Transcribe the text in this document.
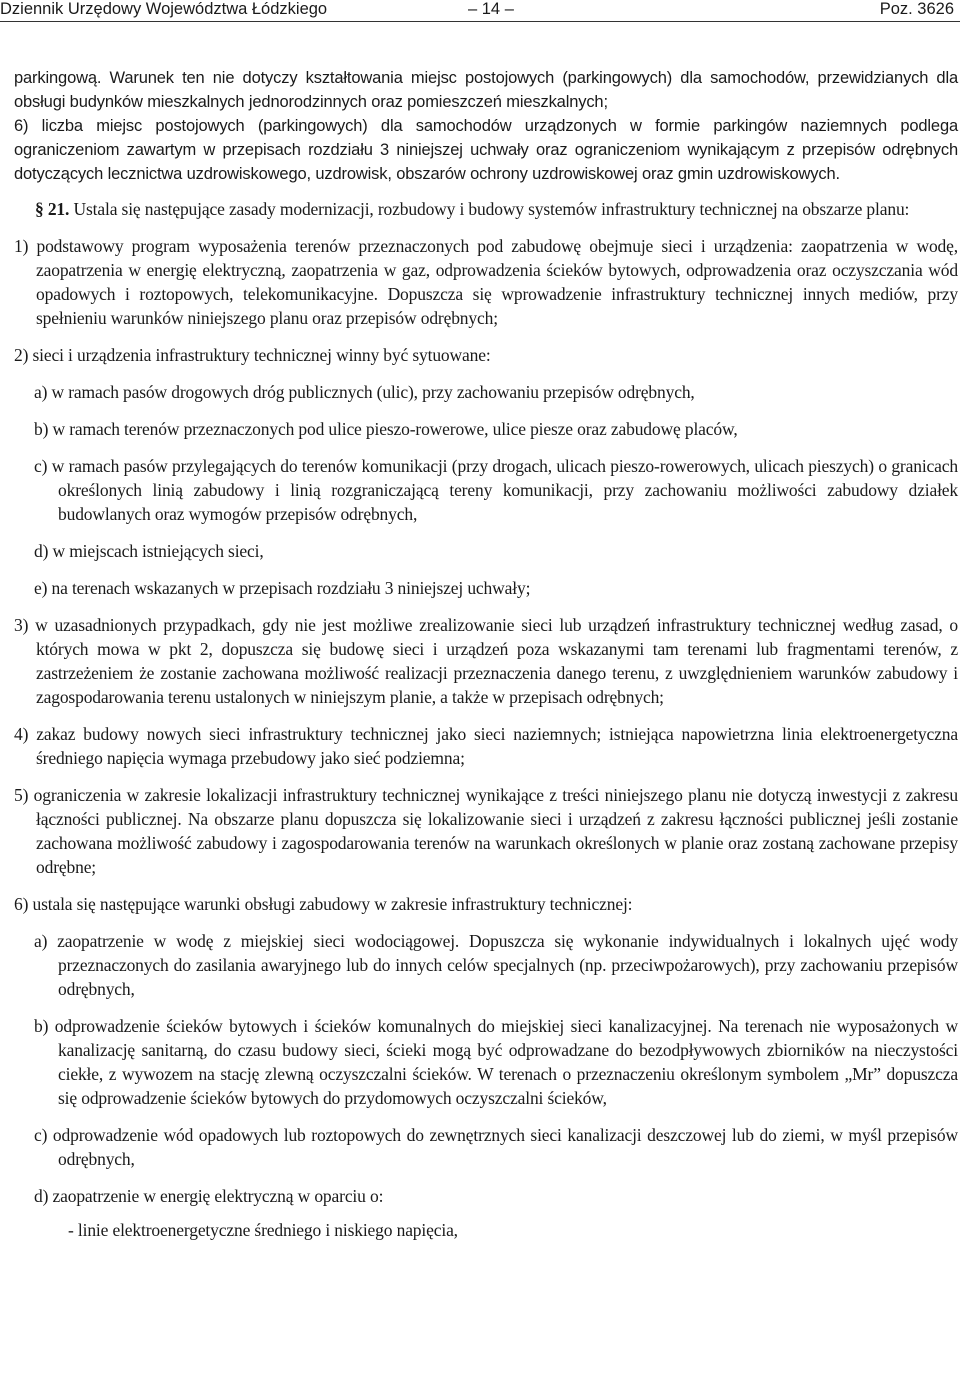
Dziennik Urzędowy Województwa Łódzkiego	– 14 –	Poz. 3626

parkingową. Warunek ten nie dotyczy kształtowania miejsc postojowych (parkingowych) dla samochodów, przewidzianych dla obsługi budynków mieszkalnych jednorodzinnych oraz pomieszczeń mieszkalnych;

6) liczba miejsc postojowych (parkingowych) dla samochodów urządzonych w formie parkingów naziemnych podlega ograniczeniom zawartym w przepisach rozdziału 3 niniejszej uchwały oraz ograniczeniom wynikającym z przepisów odrębnych dotyczących lecznictwa uzdrowiskowego, uzdrowisk, obszarów ochrony uzdrowiskowej oraz gmin uzdrowiskowych.

§ 21. Ustala się następujące zasady modernizacji, rozbudowy i budowy systemów infrastruktury technicznej na obszarze planu:

1) podstawowy program wyposażenia terenów przeznaczonych pod zabudowę obejmuje sieci i urządzenia: zaopatrzenia w wodę, zaopatrzenia w energię elektryczną, zaopatrzenia w gaz, odprowadzenia ścieków bytowych, odprowadzenia oraz oczyszczania wód opadowych i roztopowych, telekomunikacyjne. Dopuszcza się wprowadzenie infrastruktury technicznej innych mediów, przy spełnieniu warunków niniejszego planu oraz przepisów odrębnych;

2) sieci i urządzenia infrastruktury technicznej winny być sytuowane:

a) w ramach pasów drogowych dróg publicznych (ulic), przy zachowaniu przepisów odrębnych,

b) w ramach terenów przeznaczonych pod ulice pieszo-rowerowe, ulice piesze oraz zabudowę placów,

c) w ramach pasów przylegających do terenów komunikacji (przy drogach, ulicach pieszo-rowerowych, ulicach pieszych) o granicach określonych linią zabudowy i linią rozgraniczającą tereny komunikacji, przy zachowaniu możliwości zabudowy działek budowlanych oraz wymogów przepisów odrębnych,

d) w miejscach istniejących sieci,

e) na terenach wskazanych w przepisach rozdziału 3 niniejszej uchwały;

3) w uzasadnionych przypadkach, gdy nie jest możliwe zrealizowanie sieci lub urządzeń infrastruktury technicznej według zasad, o których mowa w pkt 2, dopuszcza się budowę sieci i urządzeń poza wskazanymi tam terenami lub fragmentami terenów, z zastrzeżeniem że zostanie zachowana możliwość realizacji przeznaczenia danego terenu, z uwzględnieniem warunków zabudowy i zagospodarowania terenu ustalonych w niniejszym planie, a także w przepisach odrębnych;

4) zakaz budowy nowych sieci infrastruktury technicznej jako sieci naziemnych; istniejąca napowietrzna linia elektroenergetyczna średniego napięcia wymaga przebudowy jako sieć podziemna;

5) ograniczenia w zakresie lokalizacji infrastruktury technicznej wynikające z treści niniejszego planu nie dotyczą inwestycji z zakresu łączności publicznej. Na obszarze planu dopuszcza się lokalizowanie sieci i urządzeń z zakresu łączności publicznej jeśli zostanie zachowana możliwość zabudowy i zagospodarowania terenów na warunkach określonych w planie oraz zostaną zachowane przepisy odrębne;

6) ustala się następujące warunki obsługi zabudowy w zakresie infrastruktury technicznej:

a) zaopatrzenie w wodę z miejskiej sieci wodociągowej. Dopuszcza się wykonanie indywidualnych i lokalnych ujęć wody przeznaczonych do zasilania awaryjnego lub do innych celów specjalnych (np. przeciwpożarowych), przy zachowaniu przepisów odrębnych,

b) odprowadzenie ścieków bytowych i ścieków komunalnych do miejskiej sieci kanalizacyjnej. Na terenach nie wyposażonych w kanalizację sanitarną, do czasu budowy sieci, ścieki mogą być odprowadzane do bezodpływowych zbiorników na nieczystości ciekłe, z wywozem na stację zlewną oczyszczalni ścieków. W terenach o przeznaczeniu określonym symbolem „Mr” dopuszcza się odprowadzenie ścieków bytowych do przydomowych oczyszczalni ścieków,

c) odprowadzenie wód opadowych lub roztopowych do zewnętrznych sieci kanalizacji deszczowej lub do ziemi, w myśl przepisów odrębnych,

d) zaopatrzenie w energię elektryczną w oparciu o:

- linie elektroenergetyczne średniego i niskiego napięcia,
